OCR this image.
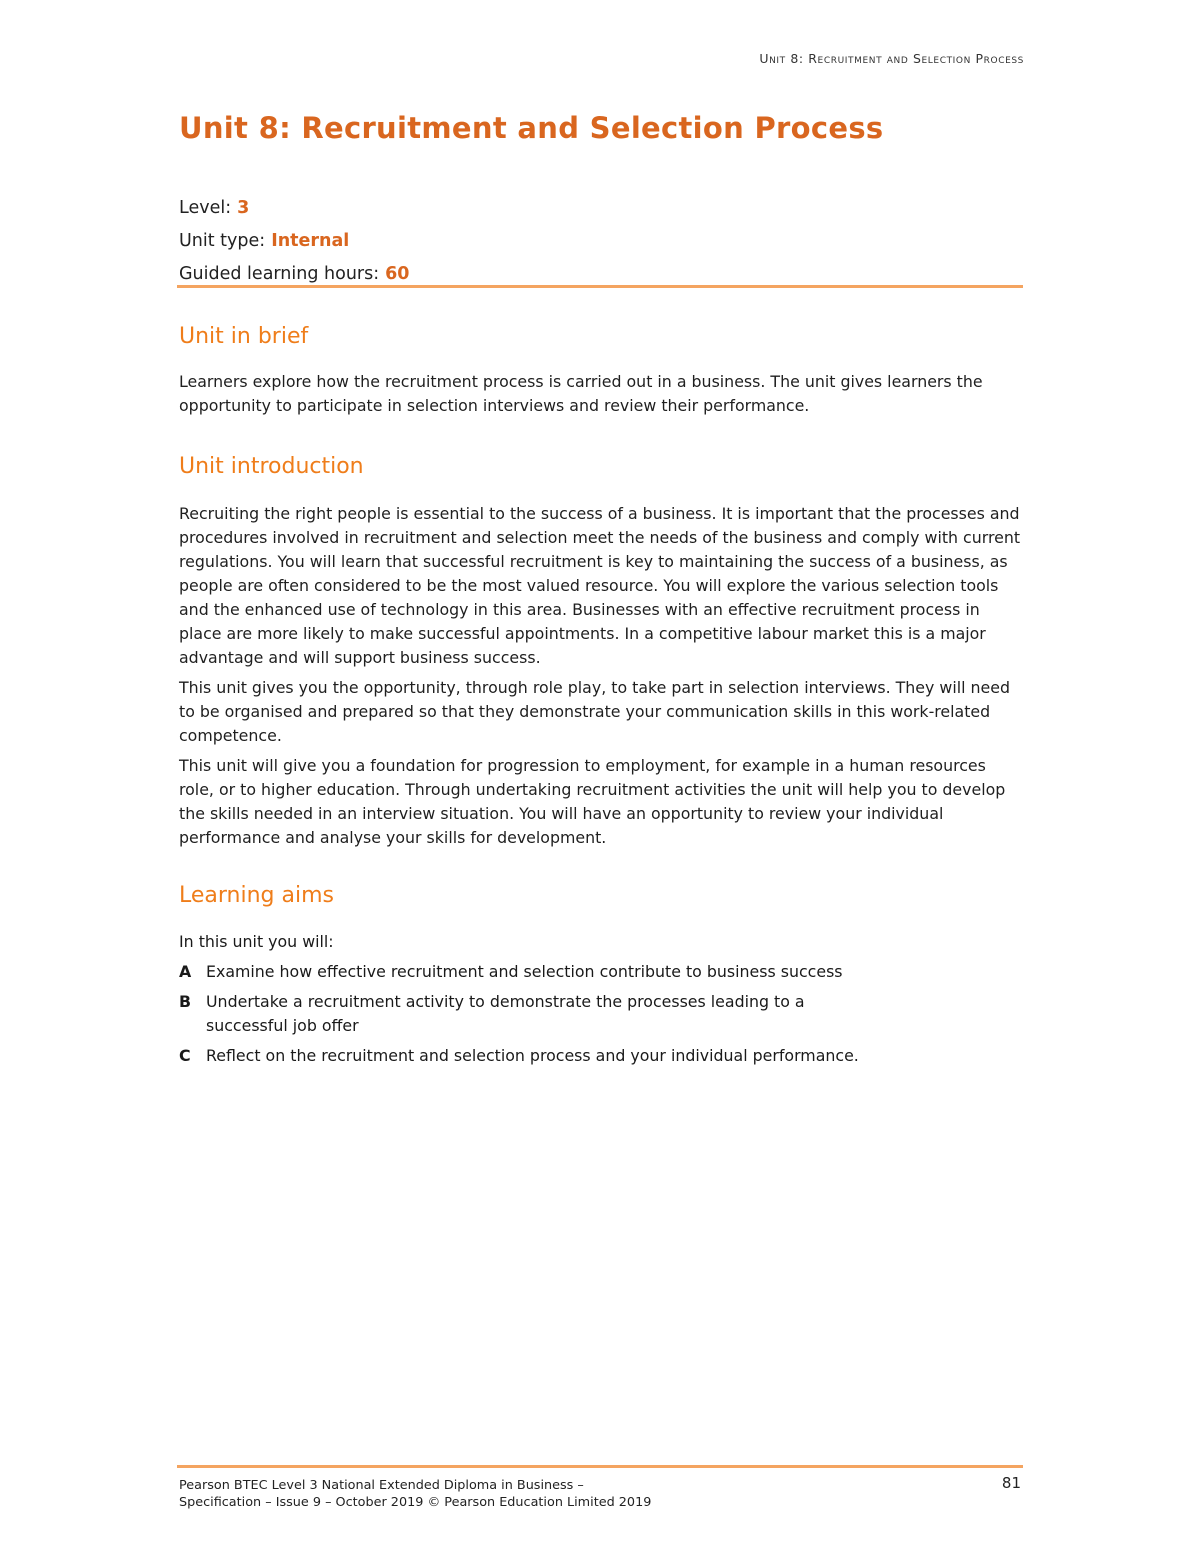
Unit 8: Recruitment and Selection Process
Unit 8: Recruitment and Selection Process
Level: 3
Unit type: Internal
Guided learning hours: 60
Unit in brief

Learners explore how the recruitment process is carried out in a business. The unit gives learners the opportunity to participate in selection interviews and review their performance.

Unit introduction

Recruiting the right people is essential to the success of a business. It is important that the processes and procedures involved in recruitment and selection meet the needs of the business and comply with current regulations. You will learn that successful recruitment is key to maintaining the success of a business, as people are often considered to be the most valued resource. You will explore the various selection tools and the enhanced use of technology in this area. Businesses with an effective recruitment process in place are more likely to make successful appointments. In a competitive labour market this is a major advantage and will support business success.

This unit gives you the opportunity, through role play, to take part in selection interviews. They will need to be organised and prepared so that they demonstrate your communication skills in this work-related competence.

This unit will give you a foundation for progression to employment, for example in a human resources role, or to higher education. Through undertaking recruitment activities the unit will help you to develop the skills needed in an interview situation. You will have an opportunity to review your individual performance and analyse your skills for development.

Learning aims
In this unit you will:
A Examine how effective recruitment and selection contribute to business success
B Undertake a recruitment activity to demonstrate the processes leading to a successful job offer
C Reflect on the recruitment and selection process and your individual performance.
Pearson BTEC Level 3 National Extended Diploma in Business –
Specification – Issue 9 – October 2019 © Pearson Education Limited 2019
81
